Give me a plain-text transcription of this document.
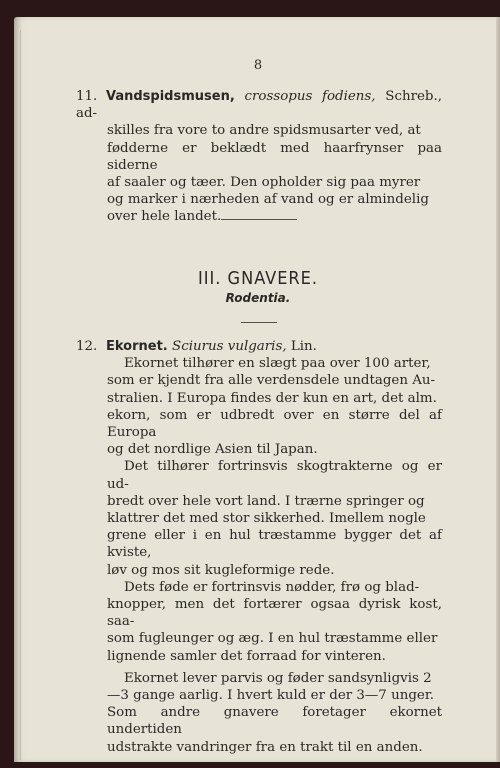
8
11. Vandspidsmusen, crossopus fodiens, Schreb., ad-
skilles fra vore to andre spidsmusarter ved, at
fødderne er beklædt med haarfrynser paa siderne
af saaler og tæer. Den opholder sig paa myrer
og marker i nærheden af vand og er almindelig
over hele landet.
III. GNAVERE.
Rodentia.
12. Ekornet. Sciurus vulgaris, Lin.
Ekornet tilhører en slægt paa over 100 arter,
som er kjendt fra alle verdensdele undtagen Au-
stralien. I Europa findes der kun en art, det alm.
ekorn, som er udbredt over en større del af Europa
og det nordlige Asien til Japan.
Det tilhører fortrinsvis skogtrakterne og er ud-
bredt over hele vort land. I trærne springer og
klattrer det med stor sikkerhed. Imellem nogle
grene eller i en hul træstamme bygger det af kviste,
løv og mos sit kugleformige rede.
Dets føde er fortrinsvis nødder, frø og blad-
knopper, men det fortærer ogsaa dyrisk kost, saa-
som fugleunger og æg. I en hul træstamme eller
lignende samler det forraad for vinteren.
Ekornet lever parvis og føder sandsynligvis 2
—3 gange aarlig. I hvert kuld er der 3—7 unger.
Som andre gnavere foretager ekornet undertiden
udstrakte vandringer fra en trakt til en anden.
